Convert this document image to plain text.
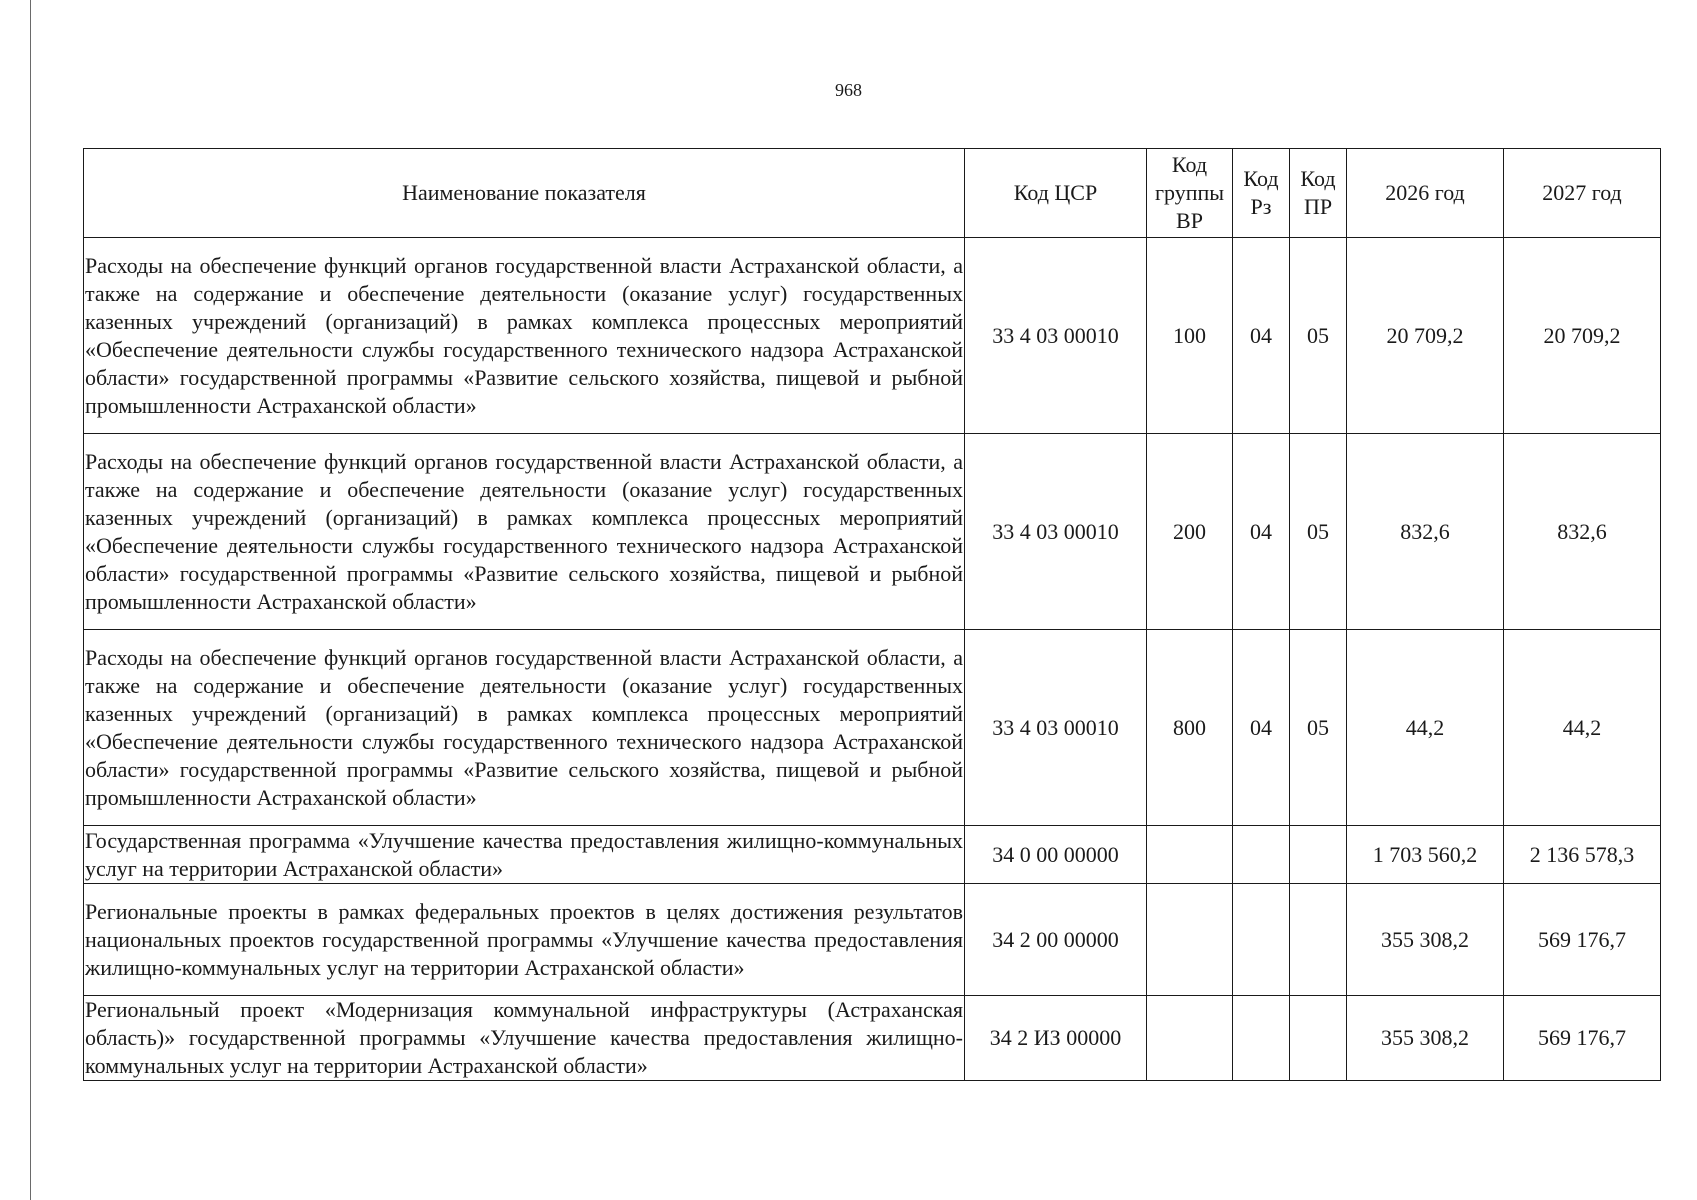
968
Наименование показателя	Код ЦСР	Код группы ВР	Код Рз	Код ПР	2026 год	2027 год
Расходы на обеспечение функций органов государственной власти Астраханской области, а также на содержание и обеспечение деятельности (оказание услуг) государственных казенных учреждений (организаций) в рамках комплекса процессных мероприятий «Обеспечение деятельности службы государственного технического надзора Астраханской области» государственной программы «Развитие сельского хозяйства, пищевой и рыбной промышленности Астраханской области»	33 4 03 00010	100	04	05	20 709,2	20 709,2
Расходы на обеспечение функций органов государственной власти Астраханской области, а также на содержание и обеспечение деятельности (оказание услуг) государственных казенных учреждений (организаций) в рамках комплекса процессных мероприятий «Обеспечение деятельности службы государственного технического надзора Астраханской области» государственной программы «Развитие сельского хозяйства, пищевой и рыбной промышленности Астраханской области»	33 4 03 00010	200	04	05	832,6	832,6
Расходы на обеспечение функций органов государственной власти Астраханской области, а также на содержание и обеспечение деятельности (оказание услуг) государственных казенных учреждений (организаций) в рамках комплекса процессных мероприятий «Обеспечение деятельности службы государственного технического надзора Астраханской области» государственной программы «Развитие сельского хозяйства, пищевой и рыбной промышленности Астраханской области»	33 4 03 00010	800	04	05	44,2	44,2
Государственная программа «Улучшение качества предоставления жилищно-коммунальных услуг на территории Астраханской области»	34 0 00 00000				1 703 560,2	2 136 578,3
Региональные проекты в рамках федеральных проектов в целях достижения результатов национальных проектов государственной программы «Улучшение качества предоставления жилищно-коммунальных услуг на территории Астраханской области»	34 2 00 00000				355 308,2	569 176,7
Региональный проект «Модернизация коммунальной инфраструктуры (Астраханская область)» государственной программы «Улучшение качества предоставления жилищно-коммунальных услуг на территории Астраханской области»	34 2 ИЗ 00000				355 308,2	569 176,7
